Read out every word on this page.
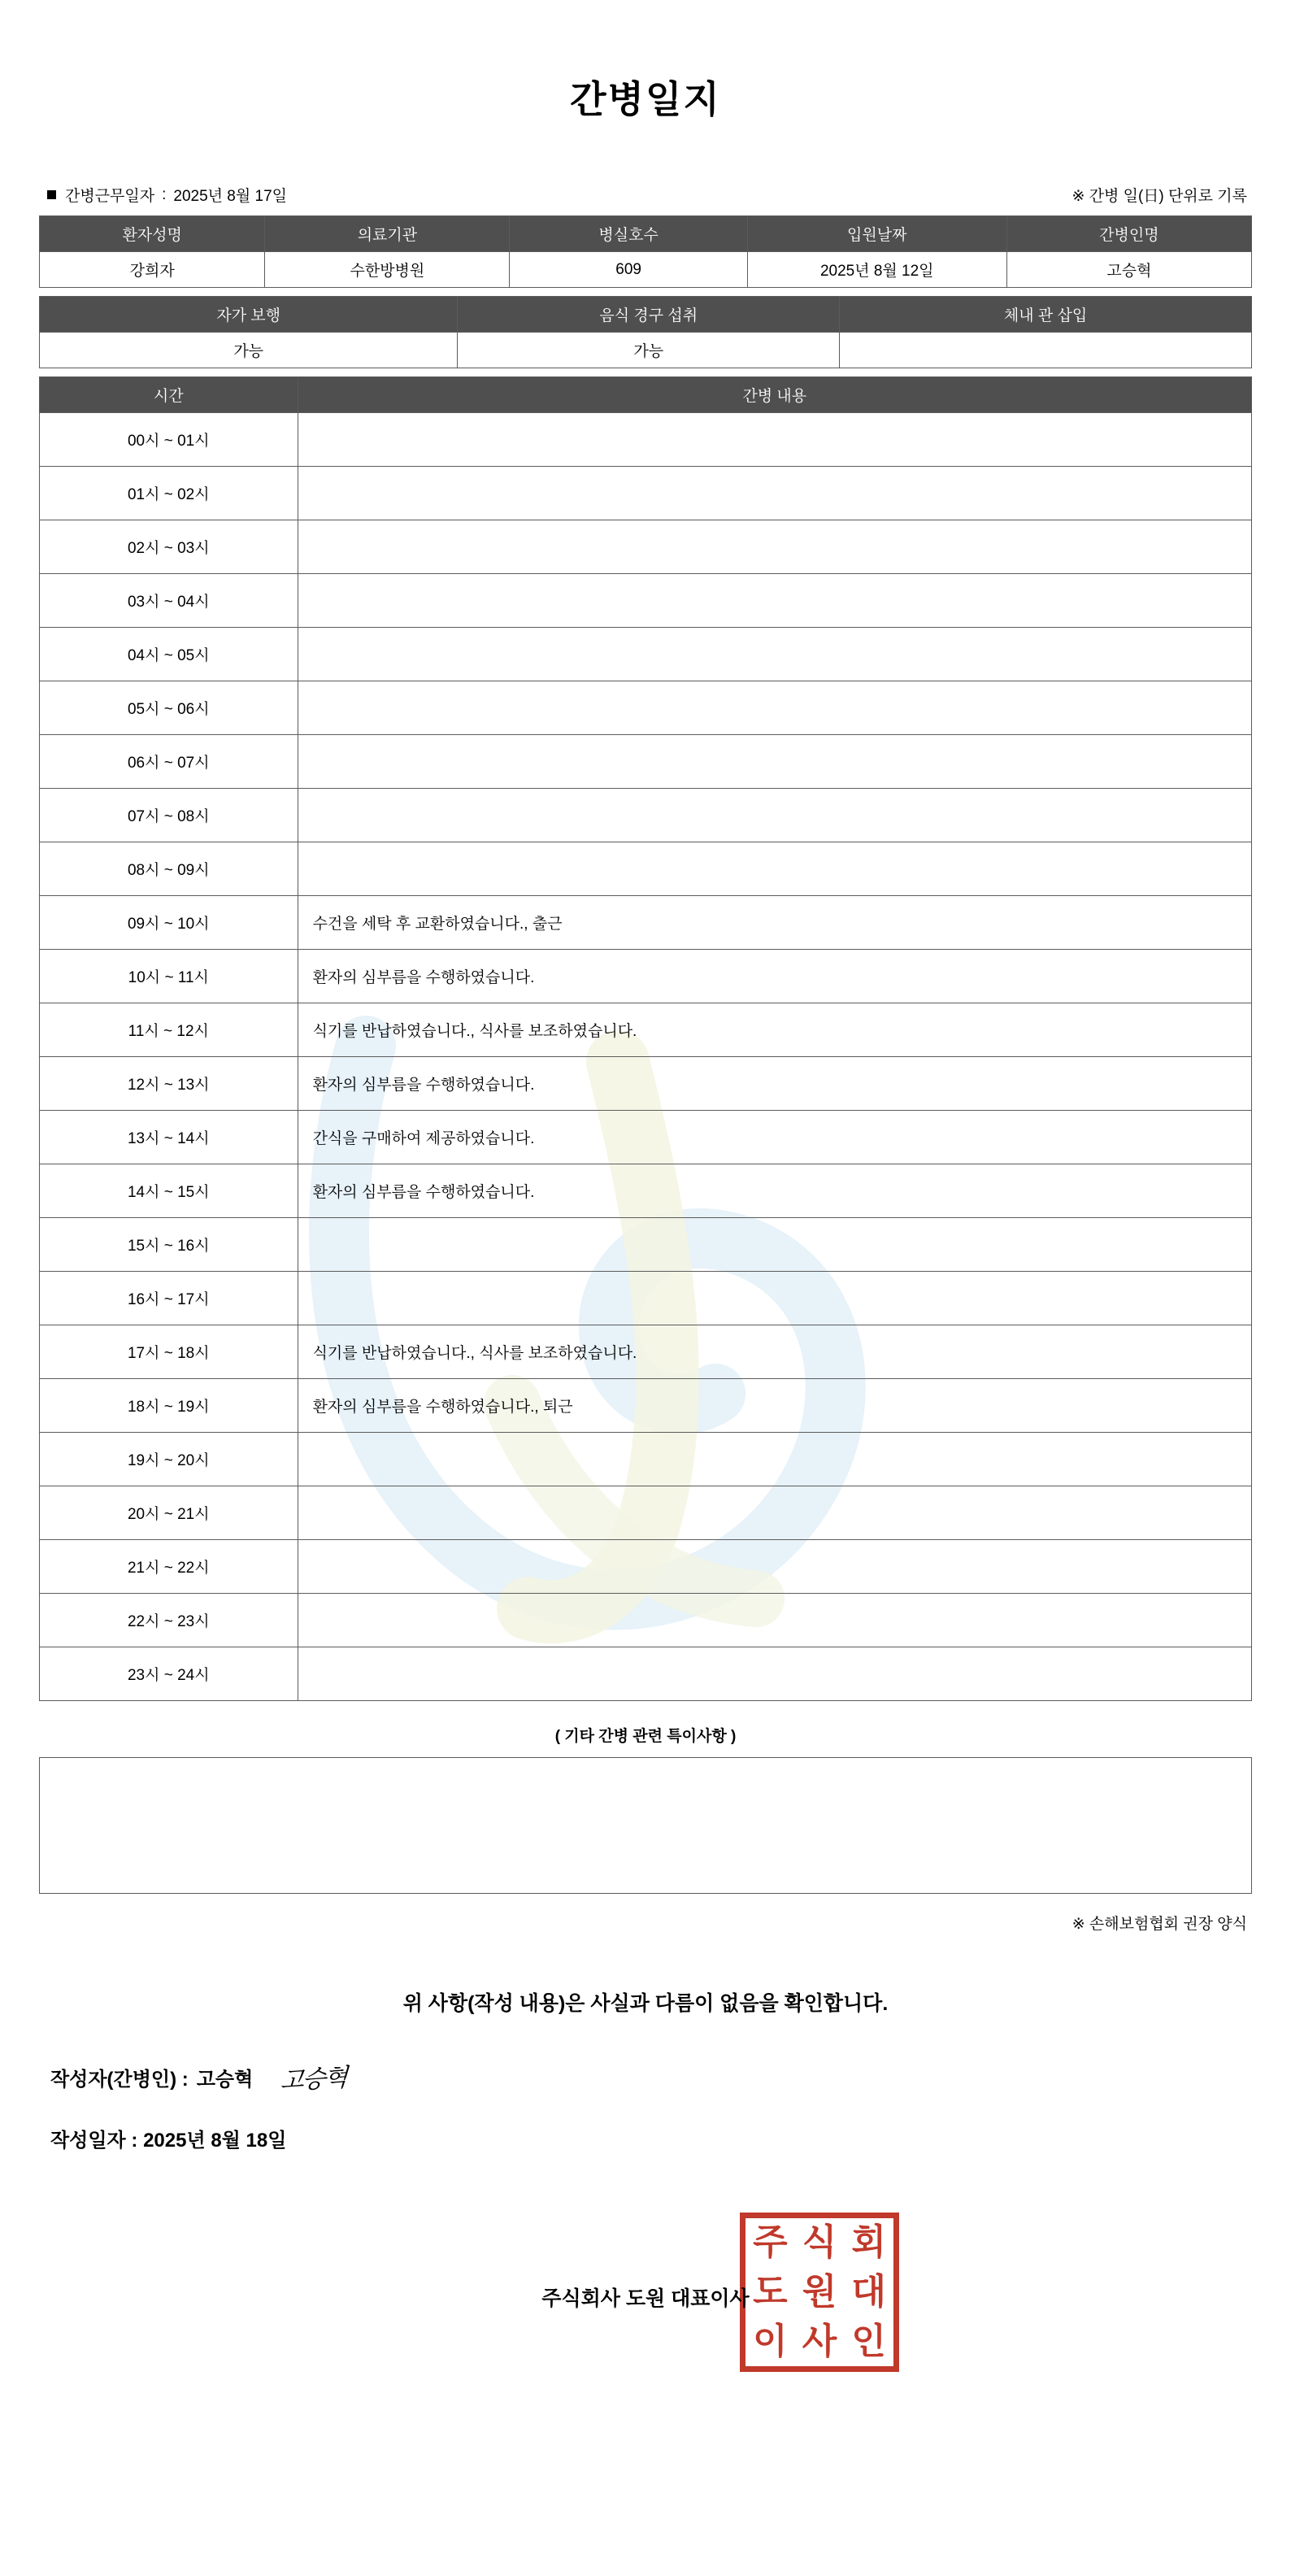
간병일지
간병근무일자 : 2025년 8월 17일	※ 간병 일(日) 단위로 기록
환자성명	의료기관	병실호수	입원날짜	간병인명
강희자	수한방병원	609	2025년 8월 12일	고승혁
자가 보행	음식 경구 섭취	체내 관 삽입
가능	가능	
시간	간병 내용
00시 ~ 01시	
01시 ~ 02시	
02시 ~ 03시	
03시 ~ 04시	
04시 ~ 05시	
05시 ~ 06시	
06시 ~ 07시	
07시 ~ 08시	
08시 ~ 09시	
09시 ~ 10시	수건을 세탁 후 교환하였습니다., 출근
10시 ~ 11시	환자의 심부름을 수행하였습니다.
11시 ~ 12시	식기를 반납하였습니다., 식사를 보조하였습니다.
12시 ~ 13시	환자의 심부름을 수행하였습니다.
13시 ~ 14시	간식을 구매하여 제공하였습니다.
14시 ~ 15시	환자의 심부름을 수행하였습니다.
15시 ~ 16시	
16시 ~ 17시	
17시 ~ 18시	식기를 반납하였습니다., 식사를 보조하였습니다.
18시 ~ 19시	환자의 심부름을 수행하였습니다., 퇴근
19시 ~ 20시	
20시 ~ 21시	
21시 ~ 22시	
22시 ~ 23시	
23시 ~ 24시	
( 기타 간병 관련 특이사항 )
※ 손해보험협회 권장 양식
위 사항(작성 내용)은 사실과 다름이 없음을 확인합니다.
작성자(간병인) : 고승혁 고승혁
작성일자 : 2025년 8월 18일
주 식 회
도 원 대
이 사 인
주식회사 도원 대표이사
